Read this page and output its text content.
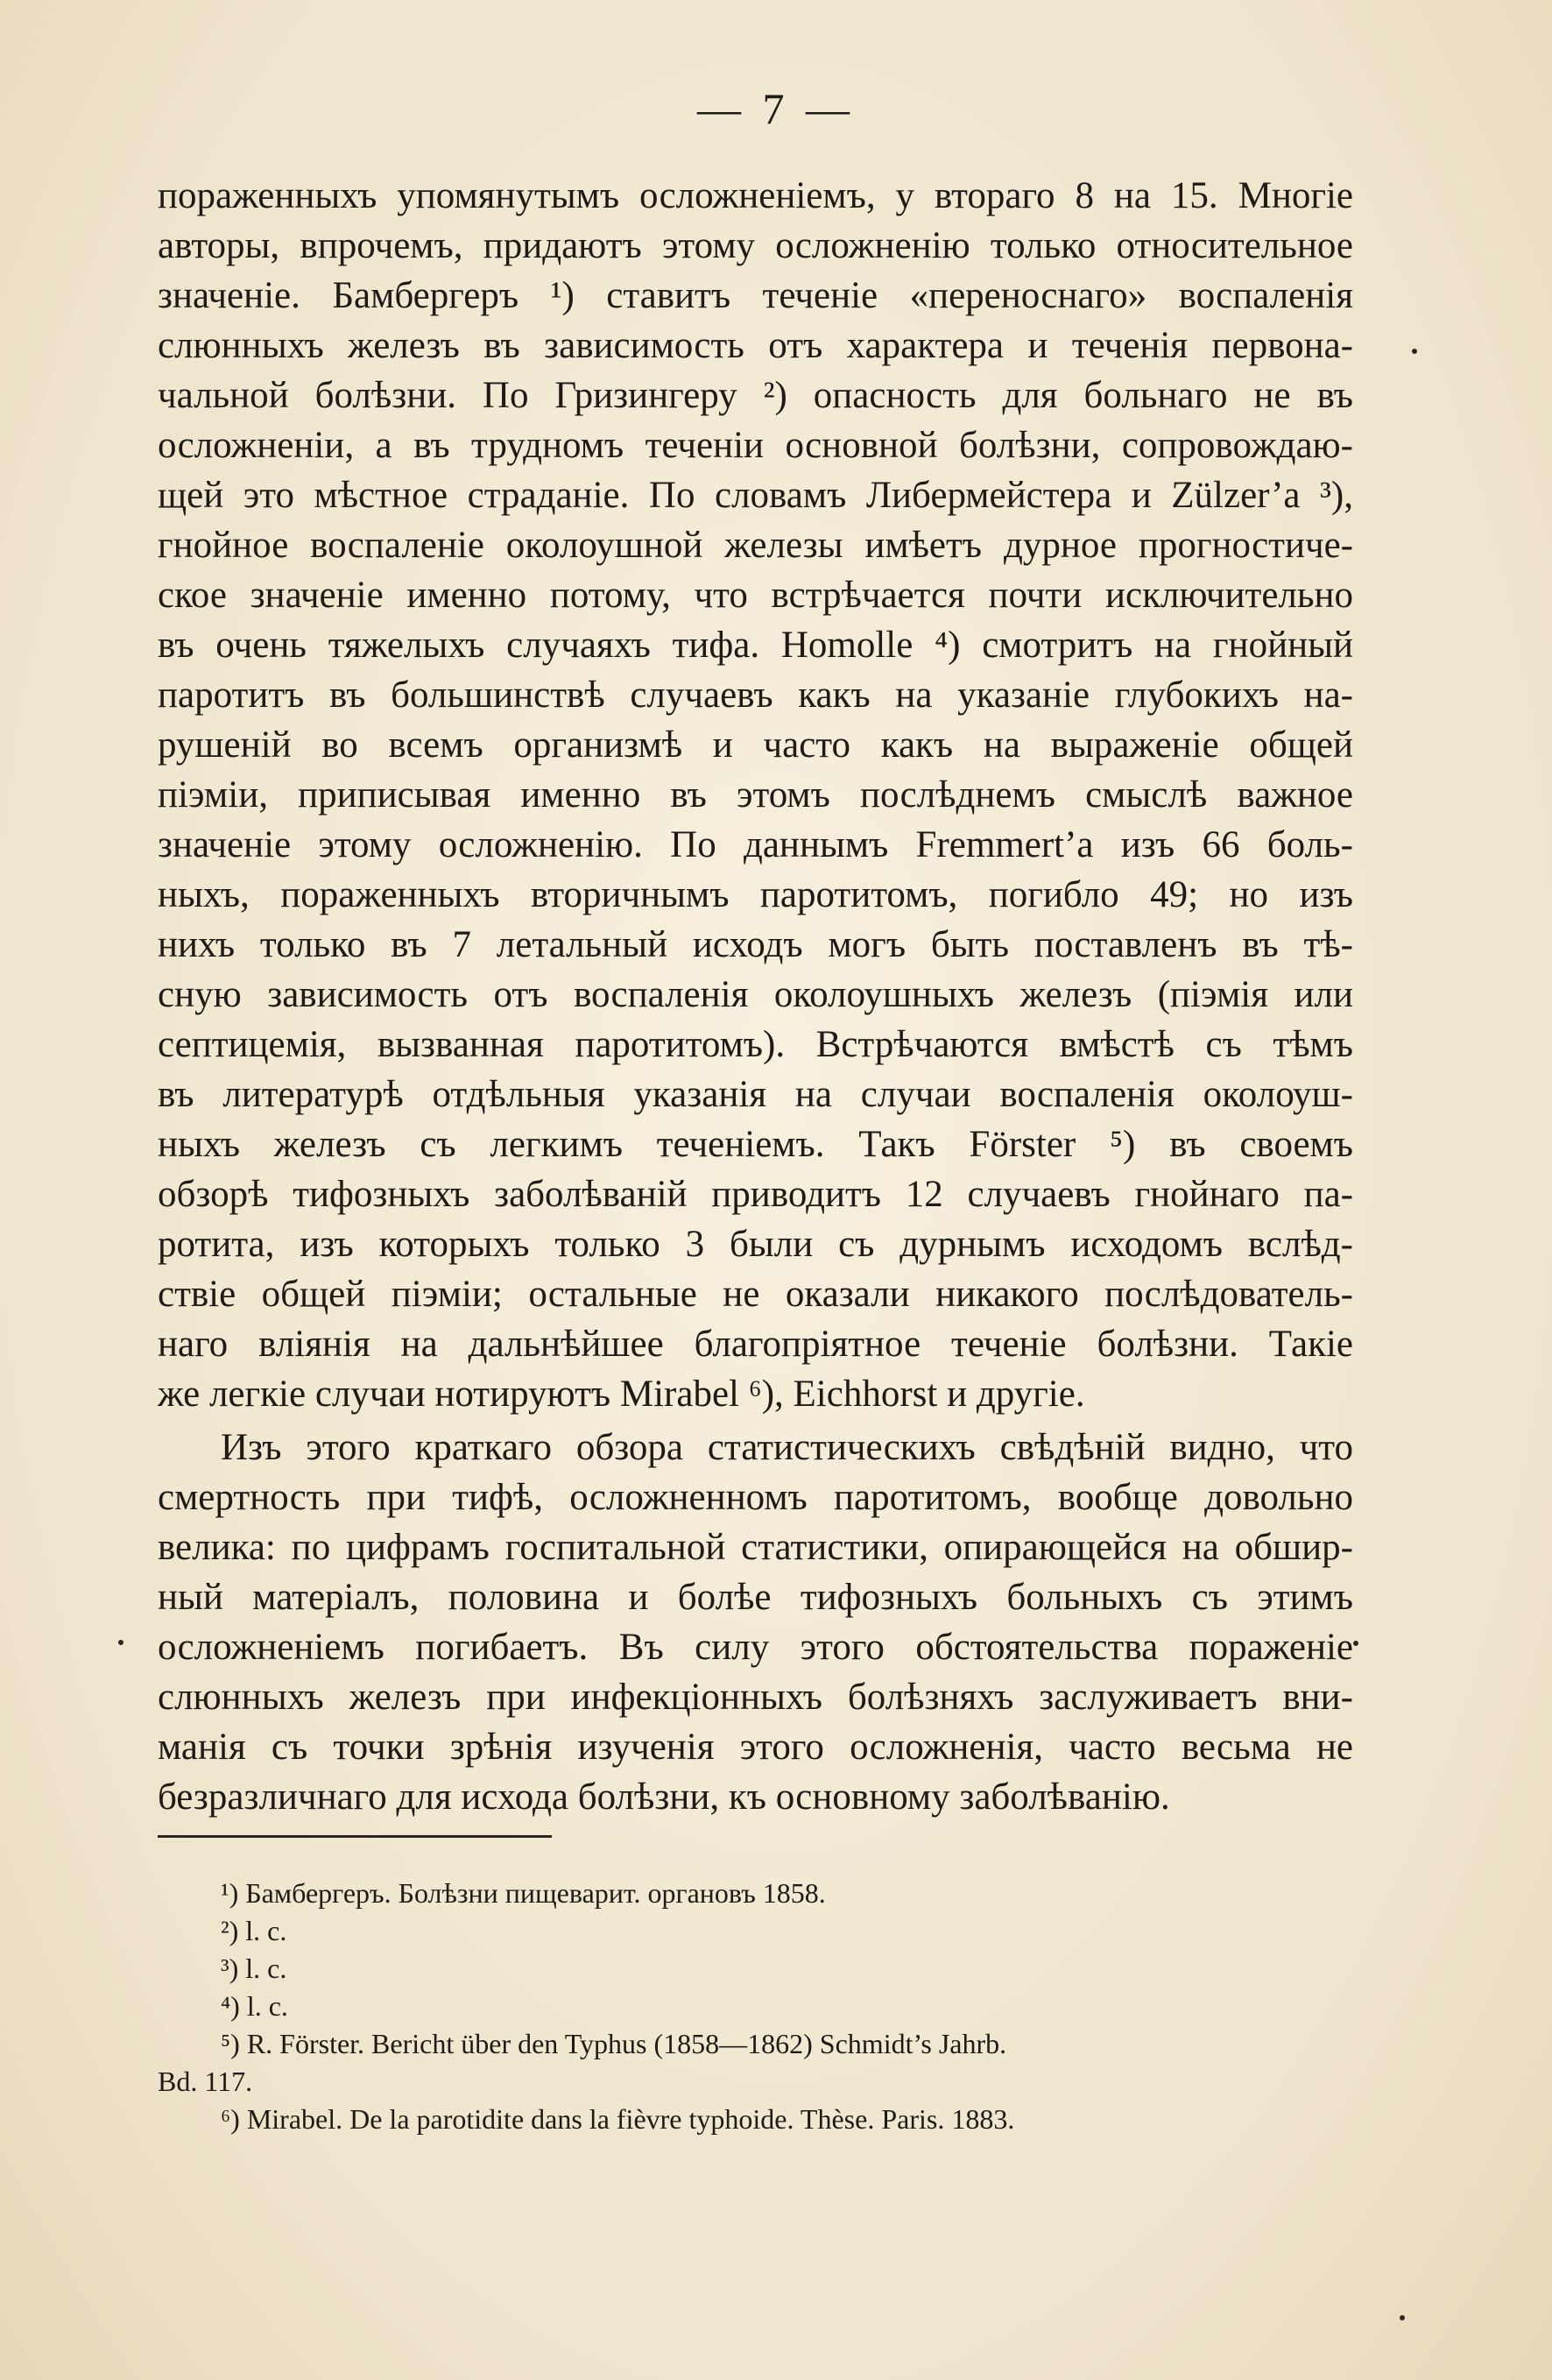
— 7 —
пораженныхъ упомянутымъ осложненіемъ, у втораго 8 на 15. Многіе
авторы, впрочемъ, придаютъ этому осложненію только относительное
значеніе. Бамбергеръ ¹) ставитъ теченіе «переноснаго» воспаленія
слюнныхъ железъ въ зависимость отъ характера и теченія первона-
чальной болѣзни. По Гризингеру ²) опасность для больнаго не въ
осложненіи, а въ трудномъ теченіи основной болѣзни, сопровождаю-
щей это мѣстное страданіе. По словамъ Либермейстера и Zülzer’a ³),
гнойное воспаленіе околоушной железы имѣетъ дурное прогностиче-
ское значеніе именно потому, что встрѣчается почти исключительно
въ очень тяжелыхъ случаяхъ тифа. Homolle ⁴) смотритъ на гнойный
паротитъ въ большинствѣ случаевъ какъ на указаніе глубокихъ на-
рушеній во всемъ организмѣ и часто какъ на выраженіе общей
піэміи, приписывая именно въ этомъ послѣднемъ смыслѣ важное
значеніе этому осложненію. По даннымъ Fremmert’a изъ 66 боль-
ныхъ, пораженныхъ вторичнымъ паротитомъ, погибло 49; но изъ
нихъ только въ 7 летальный исходъ могъ быть поставленъ въ тѣ-
сную зависимость отъ воспаленія околоушныхъ железъ (піэмія или
септицемія, вызванная паротитомъ). Встрѣчаются вмѣстѣ съ тѣмъ
въ литературѣ отдѣльныя указанія на случаи воспаленія околоуш-
ныхъ железъ съ легкимъ теченіемъ. Такъ Förster ⁵) въ своемъ
обзорѣ тифозныхъ заболѣваній приводитъ 12 случаевъ гнойнаго па-
ротита, изъ которыхъ только 3 были съ дурнымъ исходомъ вслѣд-
ствіе общей піэміи; остальные не оказали никакого послѣдователь-
наго вліянія на дальнѣйшее благопріятное теченіе болѣзни. Такіе
же легкіе случаи нотируютъ Mirabel ⁶), Eichhorst и другіе.
Изъ этого краткаго обзора статистическихъ свѣдѣній видно, что
смертность при тифѣ, осложненномъ паротитомъ, вообще довольно
велика: по цифрамъ госпитальной статистики, опирающейся на обшир-
ный матеріалъ, половина и болѣе тифозныхъ больныхъ съ этимъ
осложненіемъ погибаетъ. Въ силу этого обстоятельства пораженіе
слюнныхъ железъ при инфекціонныхъ болѣзняхъ заслуживаетъ вни-
манія съ точки зрѣнія изученія этого осложненія, часто весьма не
безразличнаго для исхода болѣзни, къ основному заболѣванію.
¹) Бамбергеръ. Болѣзни пищеварит. органовъ 1858.
²) l. c.
³) l. c.
⁴) l. c.
⁵) R. Förster. Bericht über den Typhus (1858—1862) Schmidt’s Jahrb.
Bd. 117.
⁶) Mirabel. De la parotidite dans la fièvre typhoide. Thèse. Paris. 1883.
